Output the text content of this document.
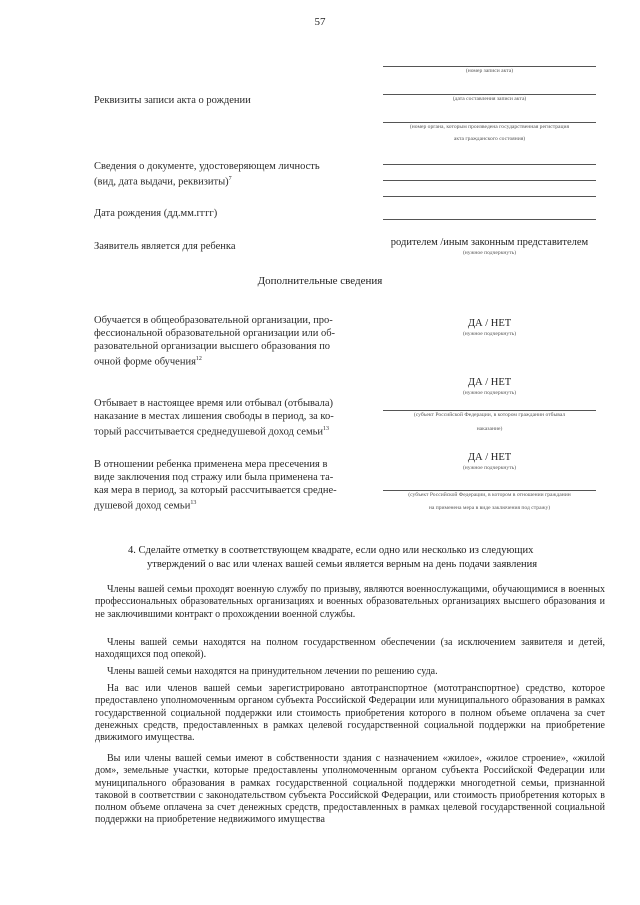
57
(номер записи акта)
Реквизиты записи акта о рождении	(дата составления записи акта)
(номер органа, которым произведена государственная регистрация
акта гражданского состояния)
Сведения о документе, удостоверяющем личность
(вид, дата выдачи, реквизиты)$^7$
Дата рождения (дд.мм.гггг)
Заявитель является для ребенка	родителем /иным законным представителем
(нужное подчеркнуть)
Дополнительные сведения
Обучается в общеобразовательной организации, про-
фессиональной образовательной организации или об-
разовательной организации высшего образования по
очной форме обучения$^{12}$
ДА / НЕТ
(нужное подчеркнуть)
ДА / НЕТ
(нужное подчеркнуть)
Отбывает в настоящее время или отбывал (отбывала)
наказание в местах лишения свободы в период, за ко-
торый рассчитывается среднедушевой доход семьи$^{13}$
(субъект Российской Федерации, в котором гражданин отбывал
наказание)
ДА / НЕТ
(нужное подчеркнуть)
В отношении ребенка применена мера пресечения в
виде заключения под стражу или была применена та-
кая мера в период, за который рассчитывается средне-
душевой доход семьи$^{13}$
(субъект Российской Федерации, в котором в отношении гражданин
на применена мера в виде заключения под стражу)
4. Сделайте отметку в соответствующем квадрате, если одно или несколько из следующих
утверждений о вас или членах вашей семьи является верным на день подачи заявления

Члены вашей семьи проходят военную службу по призыву, являются военнослужащими, обучающимися в военных профессиональных образовательных организациях и военных образовательных организациях высшего образования и не заключившими контракт о прохождении военной службы.

Члены вашей семьи находятся на полном государственном обеспечении (за исключением заявителя и детей, находящихся под опекой).

Члены вашей семьи находятся на принудительном лечении по решению суда.

На вас или членов вашей семьи зарегистрировано автотранспортное (мототранспортное) средство, которое предоставлено уполномоченным органом субъекта Российской Федерации или муниципального образования в рамках государственной социальной поддержки или стоимость приобретения которого в полном объеме оплачена за счет денежных средств, предоставленных в рамках целевой государственной социальной поддержки на приобретение движимого имущества.

Вы или члены вашей семьи имеют в собственности здания с назначением «жилое», «жилое строение», «жилой дом», земельные участки, которые предоставлены уполномоченным органом субъекта Российской Федерации или муниципального образования в рамках государственной социальной поддержки многодетной семьи, признанной таковой в соответствии с законодательством субъекта Российской Федерации, или стоимость приобретения которых в полном объеме оплачена за счет денежных средств, предоставленных в рамках целевой государственной социальной поддержки на приобретение недвижимого имущества
